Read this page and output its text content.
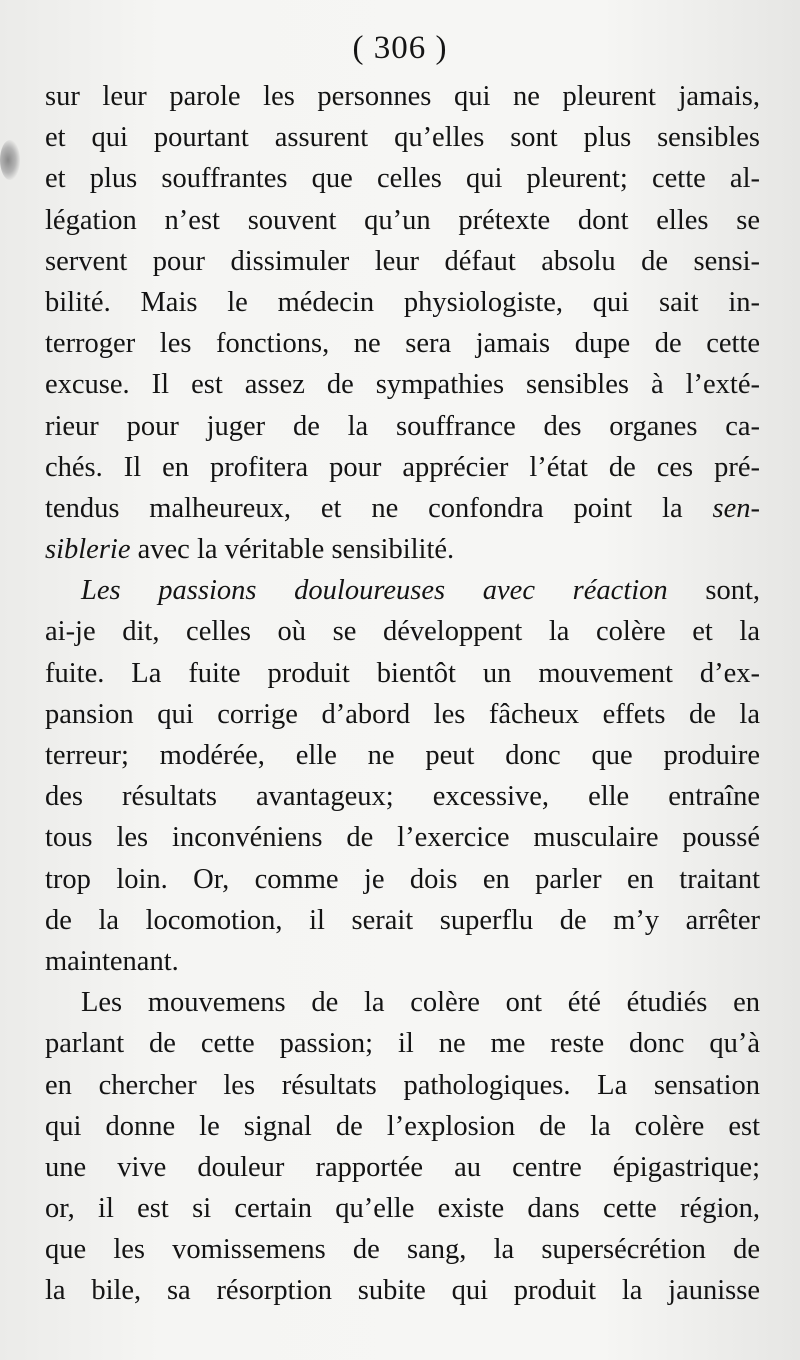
( 306 )
sur leur parole les personnes qui ne pleurent jamais,
et qui pourtant assurent qu’elles sont plus sensibles
et plus souffrantes que celles qui pleurent; cette al-
légation n’est souvent qu’un prétexte dont elles se
servent pour dissimuler leur défaut absolu de sensi-
bilité. Mais le médecin physiologiste, qui sait in-
terroger les fonctions, ne sera jamais dupe de cette
excuse. Il est assez de sympathies sensibles à l’exté-
rieur pour juger de la souffrance des organes ca-
chés. Il en profitera pour apprécier l’état de ces pré-
tendus malheureux, et ne confondra point la sen-
siblerie avec la véritable sensibilité.
Les passions douloureuses avec réaction sont,
ai-je dit, celles où se développent la colère et la
fuite. La fuite produit bientôt un mouvement d’ex-
pansion qui corrige d’abord les fâcheux effets de la
terreur; modérée, elle ne peut donc que produire
des résultats avantageux; excessive, elle entraîne
tous les inconvéniens de l’exercice musculaire poussé
trop loin. Or, comme je dois en parler en traitant
de la locomotion, il serait superflu de m’y arrêter
maintenant.
Les mouvemens de la colère ont été étudiés en
parlant de cette passion; il ne me reste donc qu’à
en chercher les résultats pathologiques. La sensation
qui donne le signal de l’explosion de la colère est
une vive douleur rapportée au centre épigastrique;
or, il est si certain qu’elle existe dans cette région,
que les vomissemens de sang, la supersécrétion de
la bile, sa résorption subite qui produit la jaunisse
